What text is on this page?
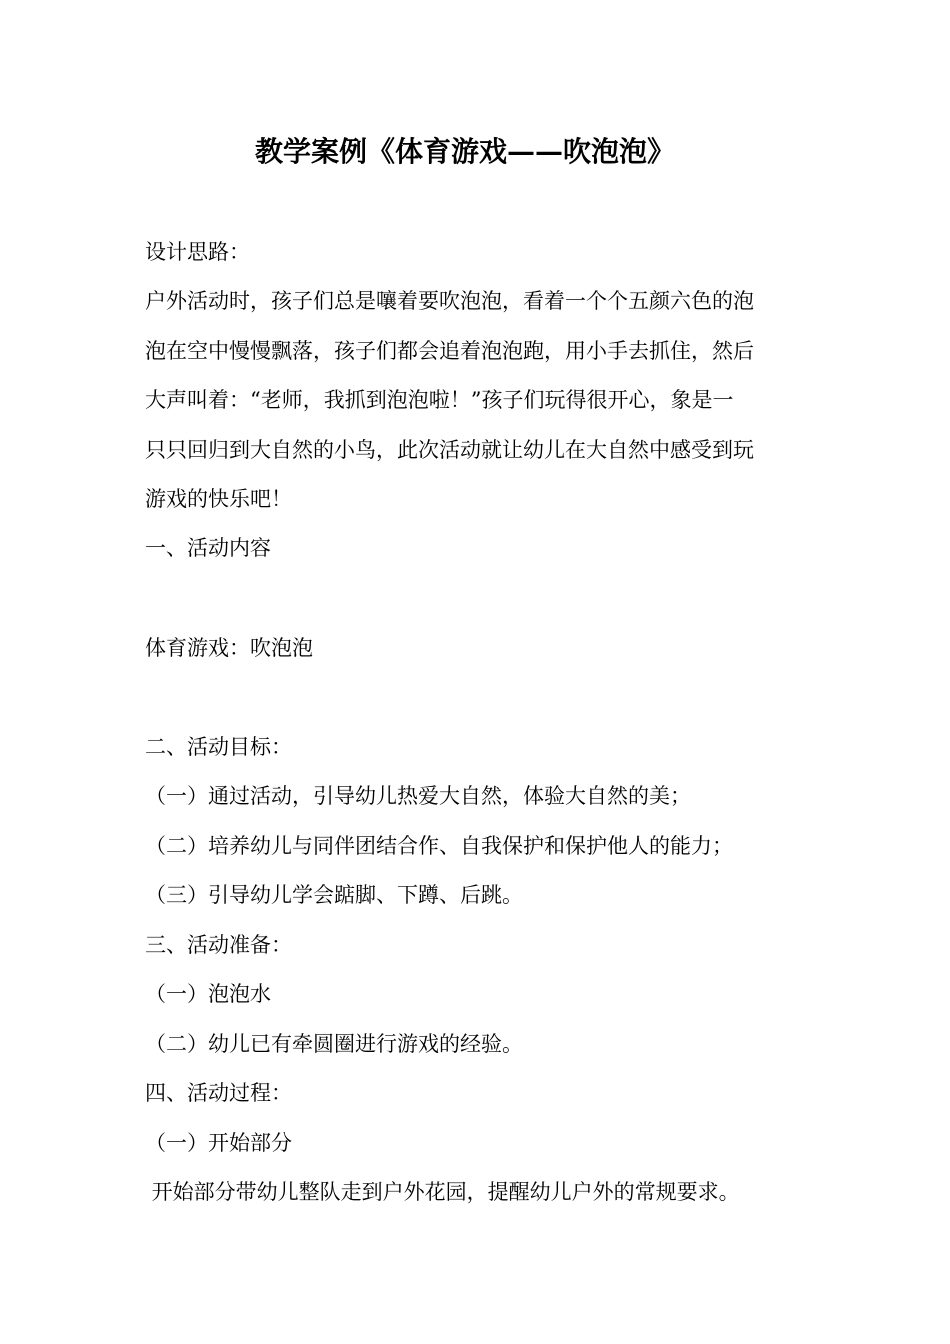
教学案例《体育游戏——吹泡泡》
设计思路：
户外活动时，孩子们总是嚷着要吹泡泡，看着一个个五颜六色的泡
泡在空中慢慢飘落，孩子们都会追着泡泡跑，用小手去抓住，然后
大声叫着：“老师，我抓到泡泡啦！”孩子们玩得很开心，象是一
只只回归到大自然的小鸟，此次活动就让幼儿在大自然中感受到玩
游戏的快乐吧！
一、活动内容
体育游戏：吹泡泡
二、活动目标：
（一）通过活动，引导幼儿热爱大自然，体验大自然的美；
（二）培养幼儿与同伴团结合作、自我保护和保护他人的能力；
（三）引导幼儿学会踮脚、下蹲、后跳。
三、活动准备：
（一）泡泡水
（二）幼儿已有牵圆圈进行游戏的经验。
四、活动过程：
（一）开始部分
开始部分带幼儿整队走到户外花园，提醒幼儿户外的常规要求。
